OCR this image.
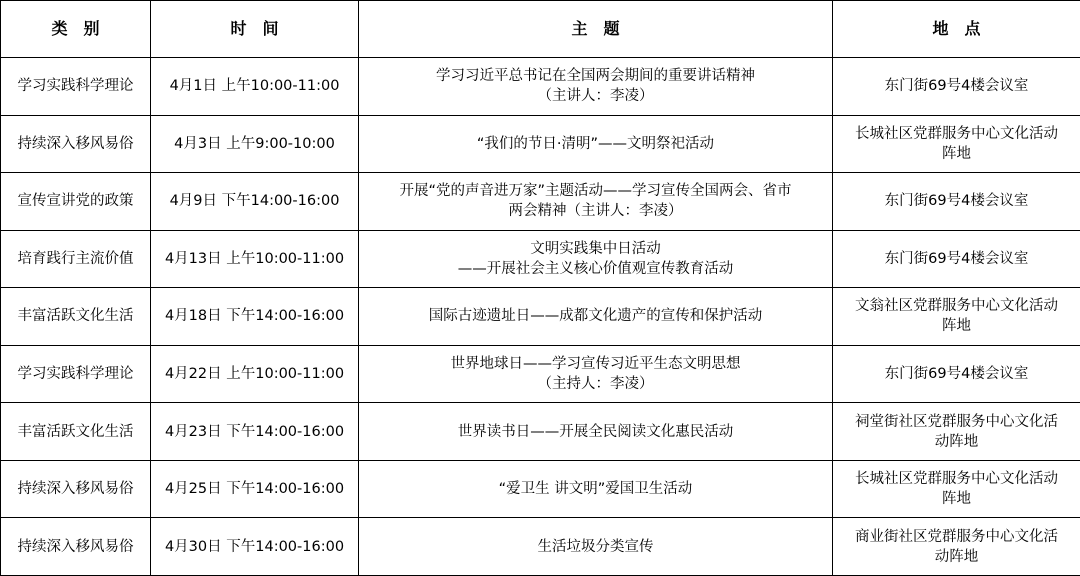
类　别	时　间	主　题	地　点

学习实践科学理论	4月1日 上午10:00-11:00	学习习近平总书记在全国两会期间的重要讲话精神
（主讲人：李凌）	东门街69号4楼会议室

持续深入移风易俗	4月3日 上午9:00-10:00	“我们的节日·清明”——文明祭祀活动	长城社区党群服务中心文化活动
阵地

宣传宣讲党的政策	4月9日 下午14:00-16:00	开展“党的声音进万家”主题活动——学习宣传全国两会、省市
两会精神（主讲人：李凌）	东门街69号4楼会议室

培育践行主流价值	4月13日 上午10:00-11:00	文明实践集中日活动
——开展社会主义核心价值观宣传教育活动	东门街69号4楼会议室

丰富活跃文化生活	4月18日 下午14:00-16:00	国际古迹遗址日——成都文化遗产的宣传和保护活动	文翁社区党群服务中心文化活动
阵地

学习实践科学理论	4月22日 上午10:00-11:00	世界地球日——学习宣传习近平生态文明思想
（主持人：李凌）	东门街69号4楼会议室

丰富活跃文化生活	4月23日 下午14:00-16:00	世界读书日——开展全民阅读文化惠民活动	祠堂街社区党群服务中心文化活
动阵地

持续深入移风易俗	4月25日 下午14:00-16:00	“爱卫生 讲文明”爱国卫生活动	长城社区党群服务中心文化活动
阵地

持续深入移风易俗	4月30日 下午14:00-16:00	生活垃圾分类宣传	商业街社区党群服务中心文化活
动阵地
